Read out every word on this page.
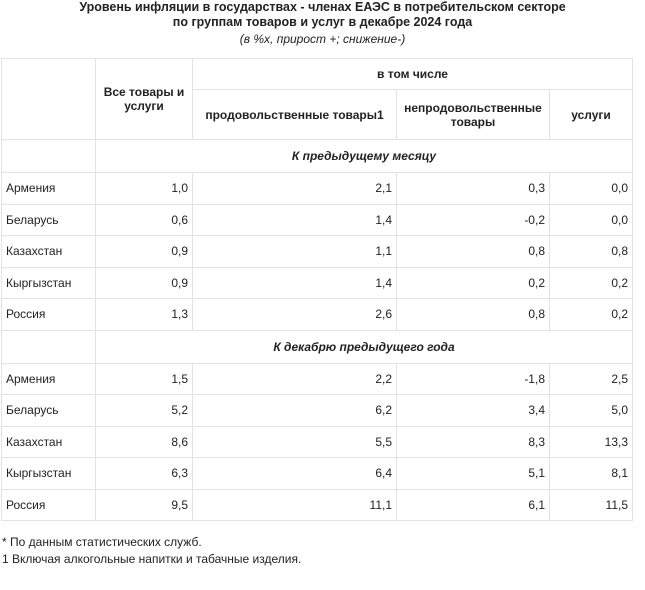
Уровень инфляции в государствах - членах ЕАЭС в потребительском секторе
по группам товаров и услуг в декабре 2024 года
(в %х, прирост +; снижение-)
	Все товары и услуги	в том числе		
		продовольственные товары1	непродовольственные товары	услуги
	К предыдущему месяцу			
Армения	1,0	2,1	0,3	0,0
Беларусь	0,6	1,4	-0,2	0,0
Казахстан	0,9	1,1	0,8	0,8
Кыргызстан	0,9	1,4	0,2	0,2
Россия	1,3	2,6	0,8	0,2
	К декабрю предыдущего года			
Армения	1,5	2,2	-1,8	2,5
Беларусь	5,2	6,2	3,4	5,0
Казахстан	8,6	5,5	8,3	13,3
Кыргызстан	6,3	6,4	5,1	8,1
Россия	9,5	11,1	6,1	11,5
* По данным статистических служб.
1 Включая алкогольные напитки и табачные изделия.
